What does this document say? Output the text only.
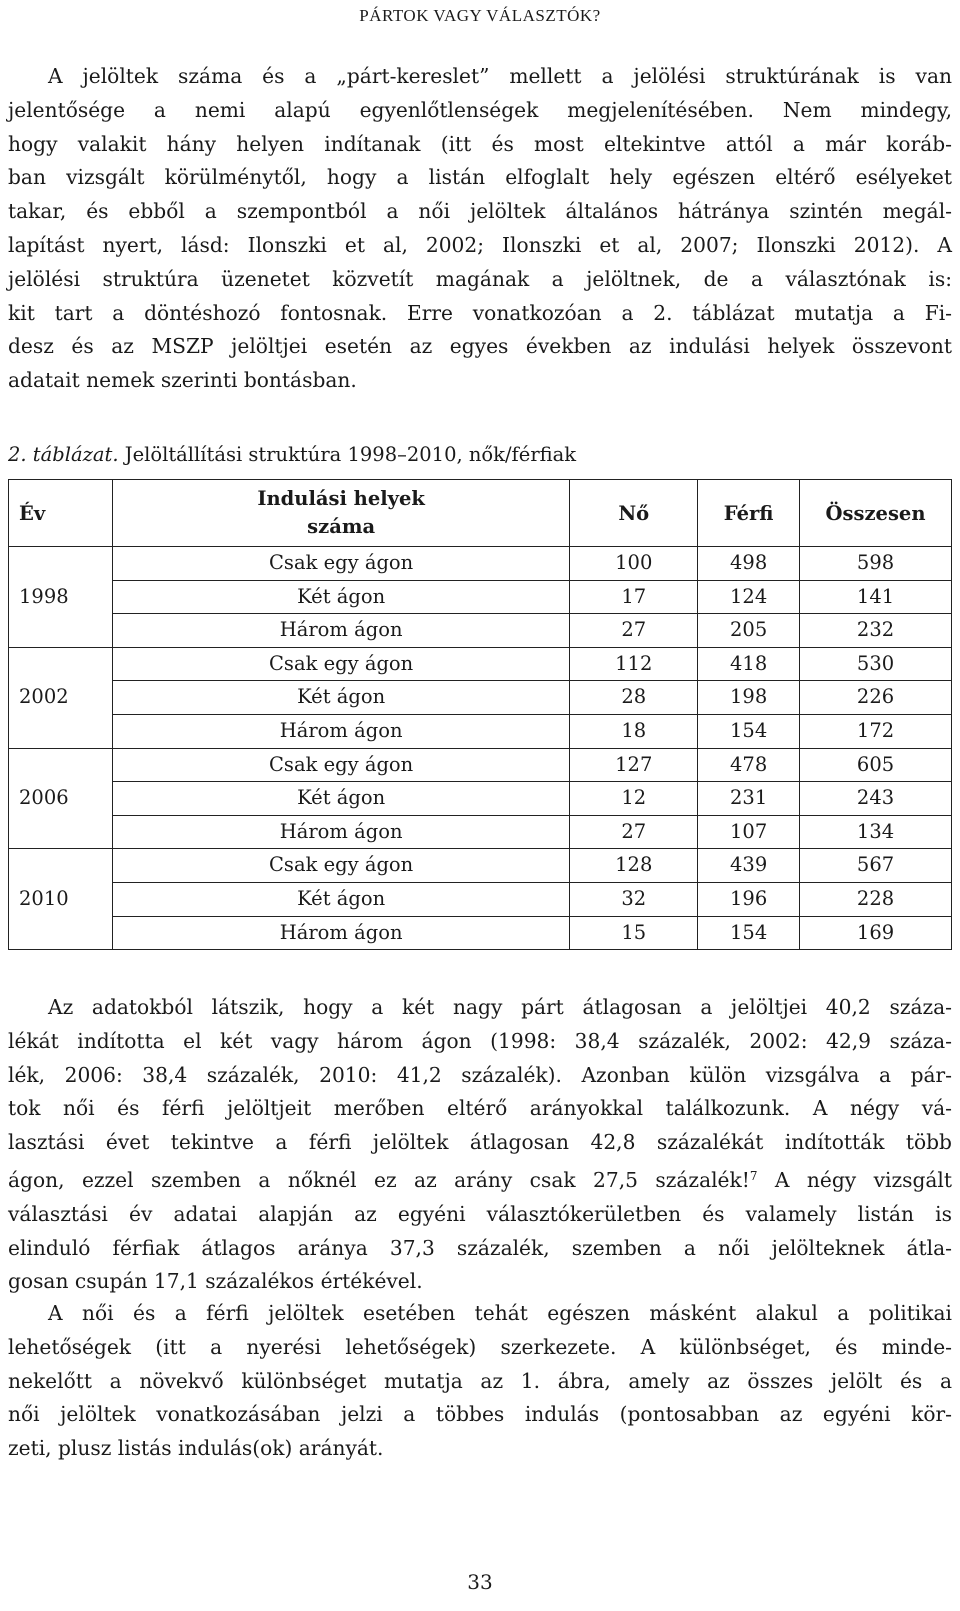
PÁRTOK VAGY VÁLASZTÓK?
A jelöltek száma és a „párt-kereslet” mellett a jelölési struktúrának is van
jelentősége a nemi alapú egyenlőtlenségek megjelenítésében. Nem mindegy,
hogy valakit hány helyen indítanak (itt és most eltekintve attól a már koráb-
ban vizsgált körülménytől, hogy a listán elfoglalt hely egészen eltérő esélyeket
takar, és ebből a szempontból a női jelöltek általános hátránya szintén megál-
lapítást nyert, lásd: Ilonszki et al, 2002; Ilonszki et al, 2007; Ilonszki 2012). A
jelölési struktúra üzenetet közvetít magának a jelöltnek, de a választónak is:
kit tart a döntéshozó fontosnak. Erre vonatkozóan a 2. táblázat mutatja a Fi-
desz és az MSZP jelöltjei esetén az egyes években az indulási helyek összevont
adatait nemek szerinti bontásban.
2. táblázat. Jelöltállítási struktúra 1998–2010, nők/férfiak
Év	Indulási helyek száma	Nő	Férfi	Összesen
	Csak egy ágon	100	498	598
1998	Két ágon	17	124	141
	Három ágon	27	205	232
	Csak egy ágon	112	418	530
2002	Két ágon	28	198	226
	Három ágon	18	154	172
	Csak egy ágon	127	478	605
2006	Két ágon	12	231	243
	Három ágon	27	107	134
	Csak egy ágon	128	439	567
2010	Két ágon	32	196	228
	Három ágon	15	154	169
Az adatokból látszik, hogy a két nagy párt átlagosan a jelöltjei 40,2 száza-
lékát indította el két vagy három ágon (1998: 38,4 százalék, 2002: 42,9 száza-
lék, 2006: 38,4 százalék, 2010: 41,2 százalék). Azonban külön vizsgálva a pár-
tok női és férfi jelöltjeit merőben eltérő arányokkal találkozunk. A négy vá-
lasztási évet tekintve a férfi jelöltek átlagosan 42,8 százalékát indították több
ágon, ezzel szemben a nőknél ez az arány csak 27,5 százalék!$^7$ A négy vizsgált
választási év adatai alapján az egyéni választókerületben és valamely listán is
elinduló férfiak átlagos aránya 37,3 százalék, szemben a női jelölteknek átla-
gosan csupán 17,1 százalékos értékével.
A női és a férfi jelöltek esetében tehát egészen másként alakul a politikai
lehetőségek (itt a nyerési lehetőségek) szerkezete. A különbséget, és minde-
nekelőtt a növekvő különbséget mutatja az 1. ábra, amely az összes jelölt és a
női jelöltek vonatkozásában jelzi a többes indulás (pontosabban az egyéni kör-
zeti, plusz listás indulás(ok) arányát.
33
